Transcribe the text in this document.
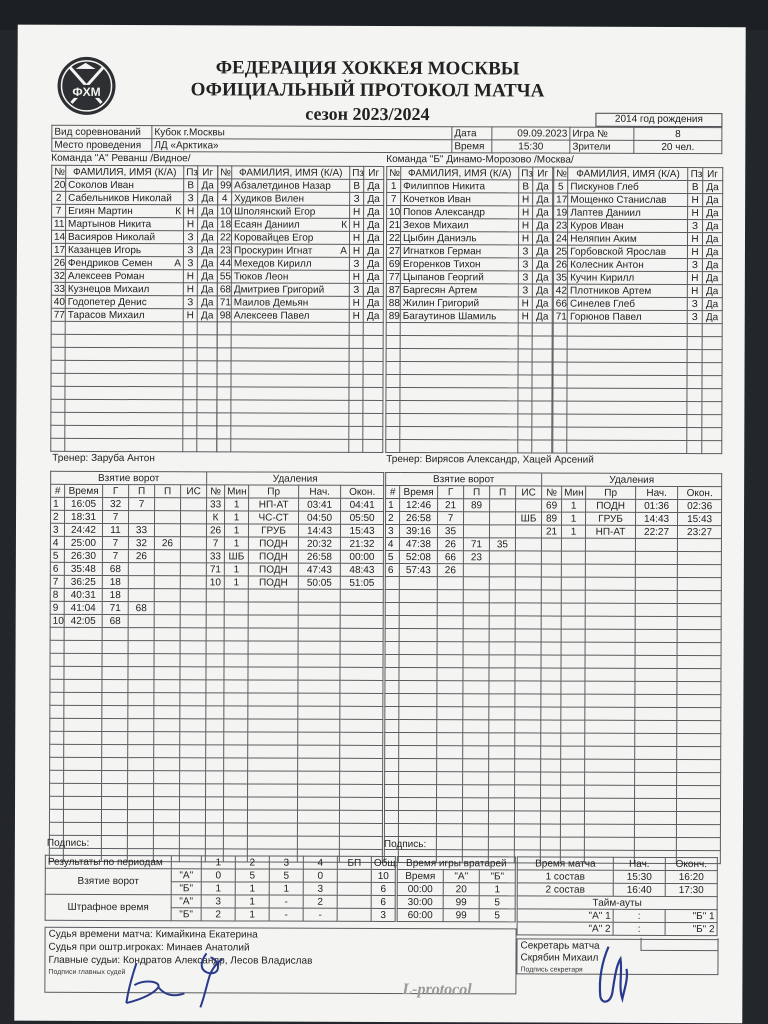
ФХМ
ФЕДЕРАЦИЯ ХОККЕЯ МОСКВЫ
ОФИЦИАЛЬНЫЙ ПРОТОКОЛ МАТЧА
сезон 2023/2024	2014 год рождения
Вид соревнований	Кубок г.Москвы	Дата	09.09.2023	Игра №	8
Место проведения	ЛД «Арктика»	Время	15:30	Зрители	20 чел.
Команда "А" Реванш /Видное/	Команда "Б" Динамо-Морозово /Москва/
№	ФАМИЛИЯ, ИМЯ (К/А)	Пз	Иг
20	Соколов Иван	В	Да
2	Сабельников Николай	З	Да
7	Егиян Мартин К	Н	Да
11	Мартынов Никита	Н	Да
14	Васияров Николай	З	Да
17	Казанцев Игорь	З	Да
26	Фендриков Семен А	З	Да
32	Алексеев Роман	Н	Да
33	Кузнецов Михаил	Н	Да
40	Годопетер Денис	З	Да
77	Тарасов Михаил	Н	Да

№	ФАМИЛИЯ, ИМЯ (К/А)	Пз	Иг
99	Абзалетдинов Назар	В	Да
4	Худиков Вилен	З	Да
10	Шполянский Егор	Н	Да
18	Есаян Даниил К	Н	Да
22	Коровайцев Егор	Н	Да
23	Проскурин Игнат А	Н	Да
44	Мехедов Кирилл	З	Да
55	Тюков Леон	Н	Да
68	Дмитриев Григорий	З	Да
71	Маилов Демьян	Н	Да
98	Алексеев Павел	Н	Да

№	ФАМИЛИЯ, ИМЯ (К/А)	Пз	Иг
1	Филиппов Никита	В	Да
7	Кочетков Иван	Н	Да
10	Попов Александр	Н	Да
21	Зехов Михаил	Н	Да
22	Цыбин Даниэль	Н	Да
27	Игнатков Герман	З	Да
69	Егоренков Тихон	З	Да
77	Цыпанов Георгий	З	Да
87	Баргесян Артем	З	Да
88	Жилин Григорий	Н	Да
89	Багаутинов Шамиль	Н	Да

№	ФАМИЛИЯ, ИМЯ (К/А)	Пз	Иг
5	Пискунов Глеб	В	Да
17	Мощенко Станислав	Н	Да
19	Лаптев Даниил	Н	Да
23	Куров Иван	З	Да
24	Неляпин Аким	Н	Да
25	Горбовской Ярослав	Н	Да
26	Колесник Антон	З	Да
35	Кучин Кирилл	Н	Да
42	Плотников Артем	Н	Да
66	Синелев Глеб	З	Да
71	Горюнов Павел	З	Да

Тренер: Заруба Антон	Тренер: Вирясов Александр, Хацей Арсений
Взятие ворот						Удаления				
#	Время	Г	П	П	ИС	№	Мин	Пр	Нач.	Окон.
1	16:05	32	7			33	1	НП-АТ	03:41	04:41
2	18:31	7				К	1	ЧС-СТ	04:50	05:50
3	24:42	11	33			26	1	ГРУБ	14:43	15:43
4	25:00	7	32	26		7	1	ПОДН	20:32	21:32
5	26:30	7	26			33	ШБ	ПОДН	26:58	00:00
6	35:48	68				71	1	ПОДН	47:43	48:43
7	36:25	18				10	1	ПОДН	50:05	51:05
8	40:31	18								
9	41:04	71	68							
10	42:05	68								

Взятие ворот						Удаления				
#	Время	Г	П	П	ИС	№	Мин	Пр	Нач.	Окон.
1	12:46	21	89			69	1	ПОДН	01:36	02:36
2	26:58	7			ШБ	89	1	ГРУБ	14:43	15:43
3	39:16	35				21	1	НП-АТ	22:27	23:27
4	47:38	26	71	35						
5	52:08	66	23							
6	57:43	26								

Подпись:	Подпись:
Результаты по периодам		1	2	3	4	БП	Общ.
Взятие ворот	"А"	0	5	5	0		10
	"Б"	1	1	1	3		6
Штрафное время	"А"	3	1	-	2		6
	"Б"	2	1	-	-		3
Время игры вратарей		
Время	"А"	"Б"
00:00	20	1
30:00	99	5
60:00	99	5
Время матча	Нач.	Оконч.
1 состав	15:30	16:20
2 состав	16:40	17:30
Тайм-ауты		
"А" 1	:	"Б" 1
"А" 2	:	"Б" 2
Судья времени матча: Кимайкина Екатерина
Судья при оштр.игроках: Минаев Анатолий
Главные судьи: Кондратов Александр, Лесов Владислав
Подписи главных судей
Секретарь матча
Скрябин Михаил
Подпись секретаря
L-protocol
